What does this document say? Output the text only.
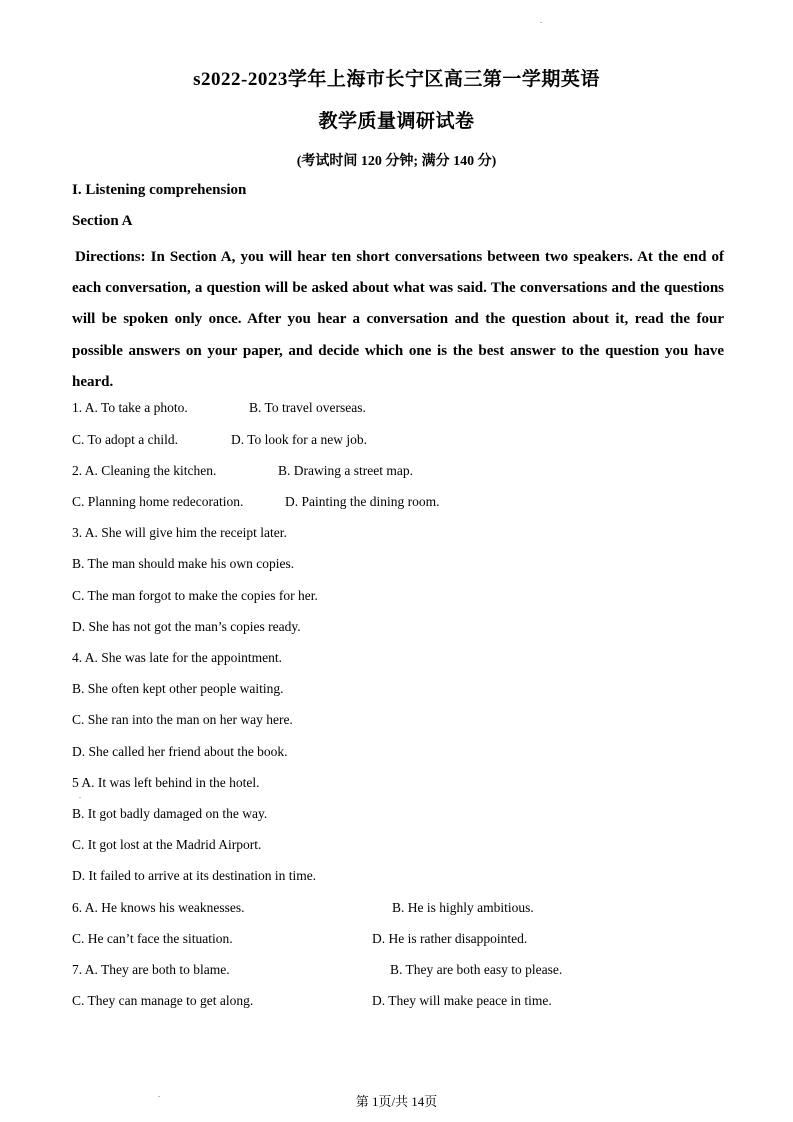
s2022-2023学年上海市长宁区高三第一学期英语
教学质量调研试卷
(考试时间 120 分钟; 满分 140 分)
I. Listening comprehension
Section A
Directions: In Section A, you will hear ten short conversations between two speakers. At the end of each conversation, a question will be asked about what was said. The conversations and the questions will be spoken only once. After you hear a conversation and the question about it, read the four possible answers on your paper, and decide which one is the best answer to the question you have heard.
1. A. To take a photo.	B. To travel overseas.
C. To adopt a child.	D. To look for a new job.
2. A. Cleaning the kitchen.	B. Drawing a street map.
C. Planning home redecoration.	D. Painting the dining room.
3. A. She will give him the receipt later.
B. The man should make his own copies.
C. The man forgot to make the copies for her.
D. She has not got the man’s copies ready.
4. A. She was late for the appointment.
B. She often kept other people waiting.
C. She ran into the man on her way here.
D. She called her friend about the book.
5 A. It was left behind in the hotel.
B. It got badly damaged on the way.
C. It got lost at the Madrid Airport.
D. It failed to arrive at its destination in time.
6. A. He knows his weaknesses.	B. He is highly ambitious.
C. He can’t face the situation.	D. He is rather disappointed.
7. A. They are both to blame.	B. They are both easy to please.
C. They can manage to get along.	D. They will make peace in time.
第 1页/共 14页
